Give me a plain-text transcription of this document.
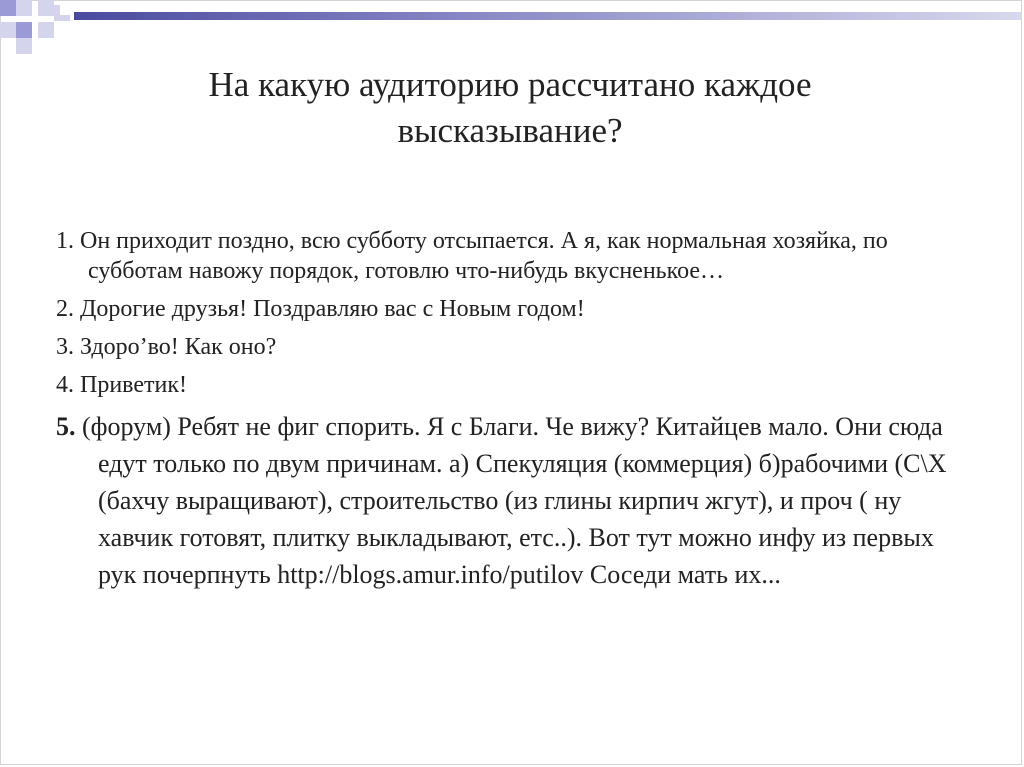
На какую аудиторию рассчитано каждое высказывание?
1. Он приходит поздно, всю субботу отсыпается. А я, как нормальная хозяйка, по субботам навожу порядок, готовлю что-нибудь вкусненькое…
2. Дорогие друзья! Поздравляю вас с Новым годом!
3. Здороʼво! Как оно?
4. Приветик!
5. (форум) Ребят не фиг спорить. Я с Благи. Че вижу? Китайцев мало. Они сюда едут только по двум причинам. а) Спекуляция (коммерция) б)рабочими (С\Х (бахчу выращивают), строительство (из глины кирпич жгут), и проч ( ну хавчик готовят, плитку выкладывают, етс..). Вот тут можно инфу из первых рук почерпнуть http://blogs.amur.info/putilov Соседи мать их...
